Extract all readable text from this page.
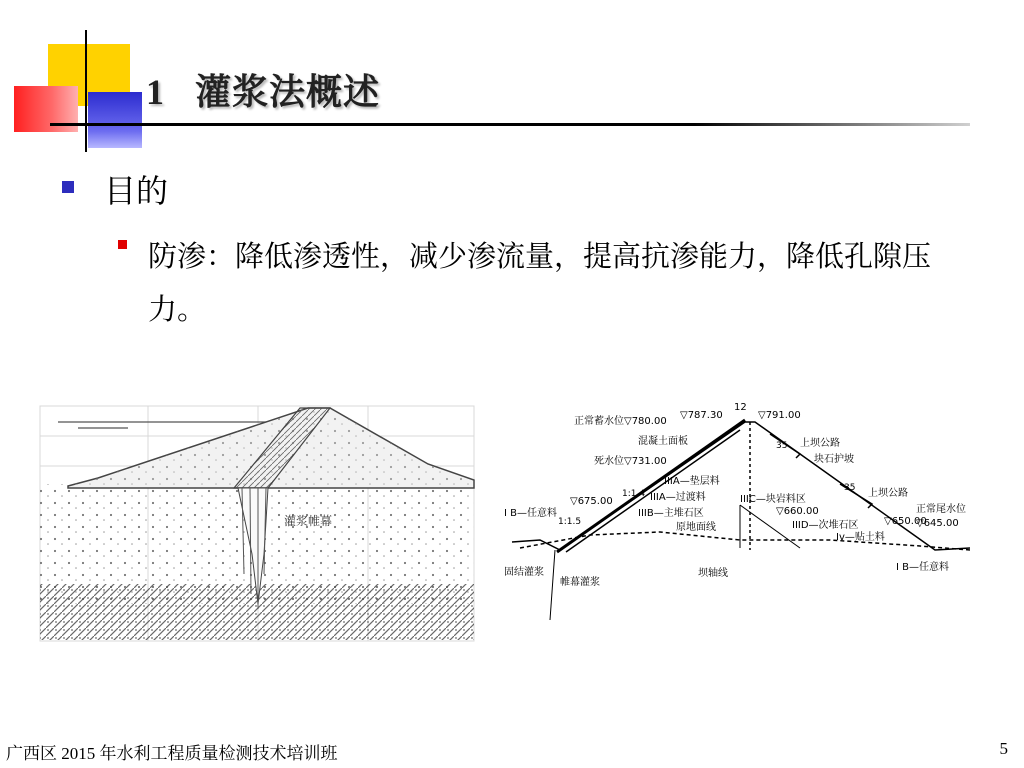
1 灌浆法概述
目的
防渗：降低渗透性，减少渗流量，提高抗渗能力，降低孔隙压力。
灌浆帷幕
正常蓄水位▽780.00
▽787.30
12
▽791.00
混凝土面板
死水位▽731.00
▽675.00
I B—任意料
1:1.4
1:1.5
IIIA—垫层料
IIIA—过渡料
IIIB—主堆石区
原地面线
IIIC—块岩料区
▽660.00
IIID—次堆石区
Iv—贴土料
上坝公路
块石护坡
上坝公路
35
35
▽650.00
正常尾水位
▽645.00
固结灌浆
帷幕灌浆
坝轴线
I B—任意料
广西区 2015 年水利工程质量检测技术培训班	5
